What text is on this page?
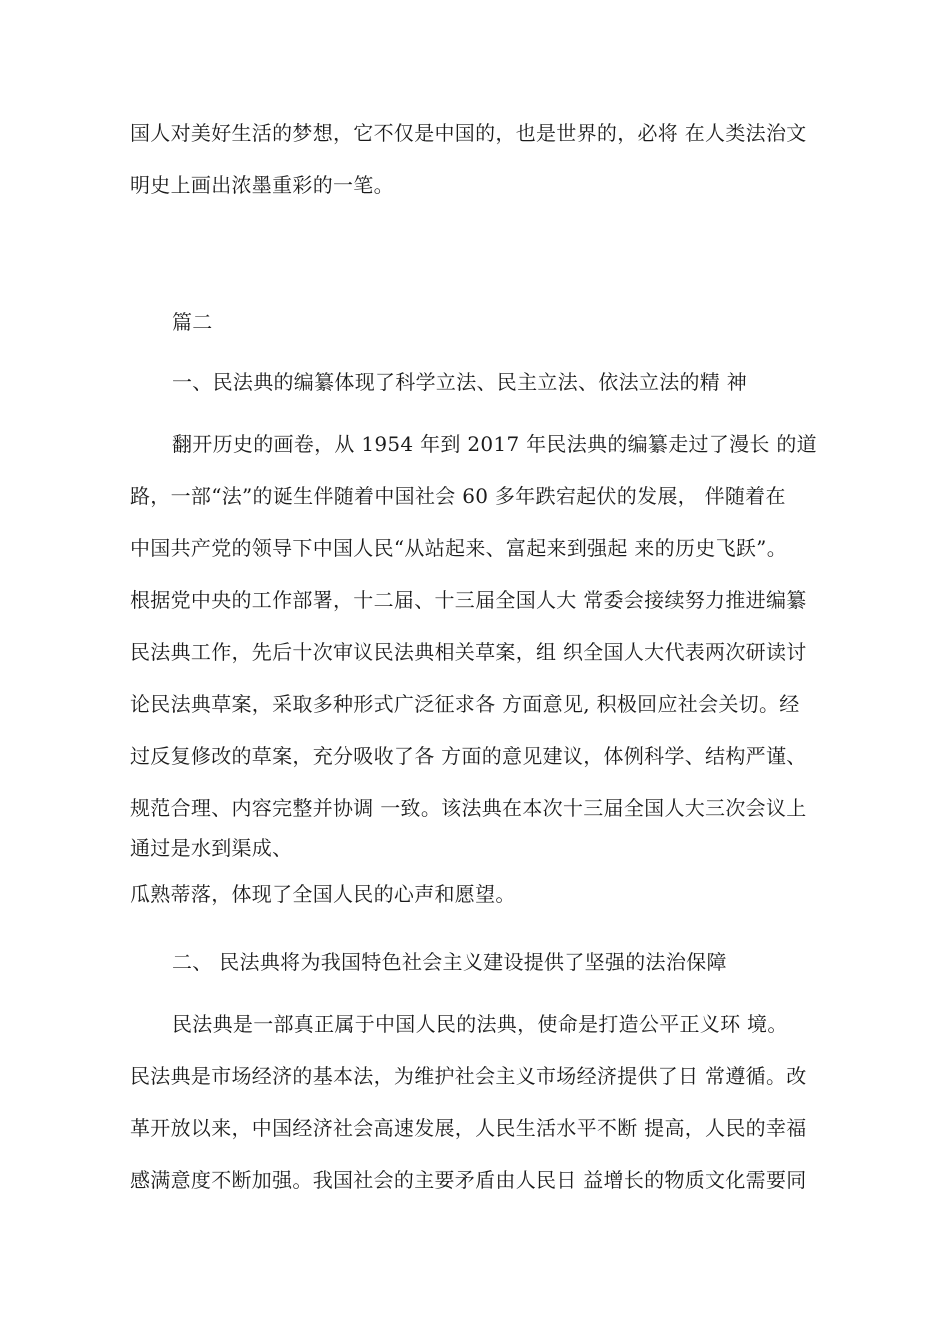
国人对美好生活的梦想，它不仅是中国的，也是世界的，必将 在人类法治文
明史上画出浓墨重彩的一笔。
篇二
一、民法典的编纂体现了科学立法、民主立法、依法立法的精 神
翻开历史的画卷，从 1954 年到 2017 年民法典的编纂走过了漫长 的道
路，一部“法”的诞生伴随着中国社会 60 多年跌宕起伏的发展， 伴随着在
中国共产党的领导下中国人民“从站起来、富起来到强起 来的历史飞跃”。
根据党中央的工作部署，十二届、十三届全国人大 常委会接续努力推进编纂
民法典工作，先后十次审议民法典相关草案，组 织全国人大代表两次研读讨
论民法典草案，采取多种形式广泛征求各 方面意见, 积极回应社会关切。经
过反复修改的草案，充分吸收了各 方面的意见建议，体例科学、结构严谨、
规范合理、内容完整并协调 一致。该法典在本次十三届全国人大三次会议上
通过是水到渠成、
瓜熟蒂落，体现了全国人民的心声和愿望。
二、 民法典将为我国特色社会主义建设提供了坚强的法治保障
民法典是一部真正属于中国人民的法典，使命是打造公平正义环 境。
民法典是市场经济的基本法，为维护社会主义市场经济提供了日 常遵循。改
革开放以来，中国经济社会高速发展，人民生活水平不断 提高，人民的幸福
感满意度不断加强。我国社会的主要矛盾由人民日 益增长的物质文化需要同
